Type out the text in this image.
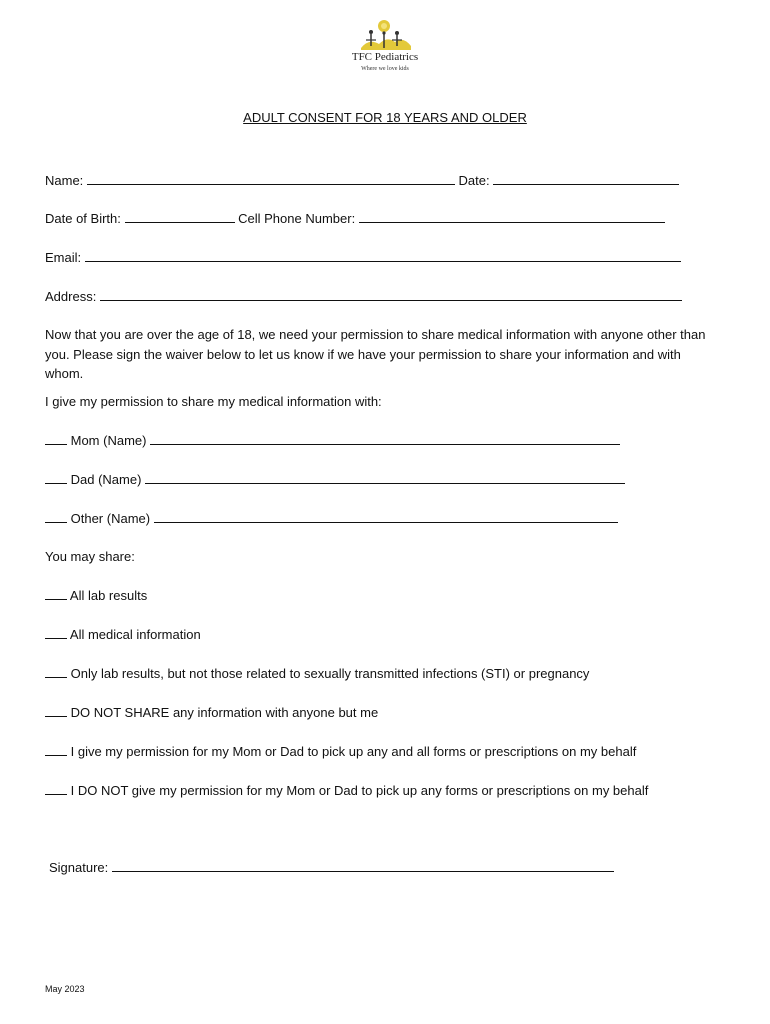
TFC Pediatrics
Where we love kids
ADULT CONSENT FOR 18 YEARS AND OLDER
Name:	Date:
Date of Birth:	Cell Phone Number:
Email:
Address:
Now that you are over the age of 18, we need your permission to share medical information with anyone other than you. Please sign the waiver below to let us know if we have your permission to share your information and with whom.
I give my permission to share my medical information with:
Mom (Name)
Dad (Name)
Other (Name)
You may share:
All lab results
All medical information
Only lab results, but not those related to sexually transmitted infections (STI) or pregnancy
DO NOT SHARE any information with anyone but me
I give my permission for my Mom or Dad to pick up any and all forms or prescriptions on my behalf
I DO NOT give my permission for my Mom or Dad to pick up any forms or prescriptions on my behalf
Signature:
May 2023
